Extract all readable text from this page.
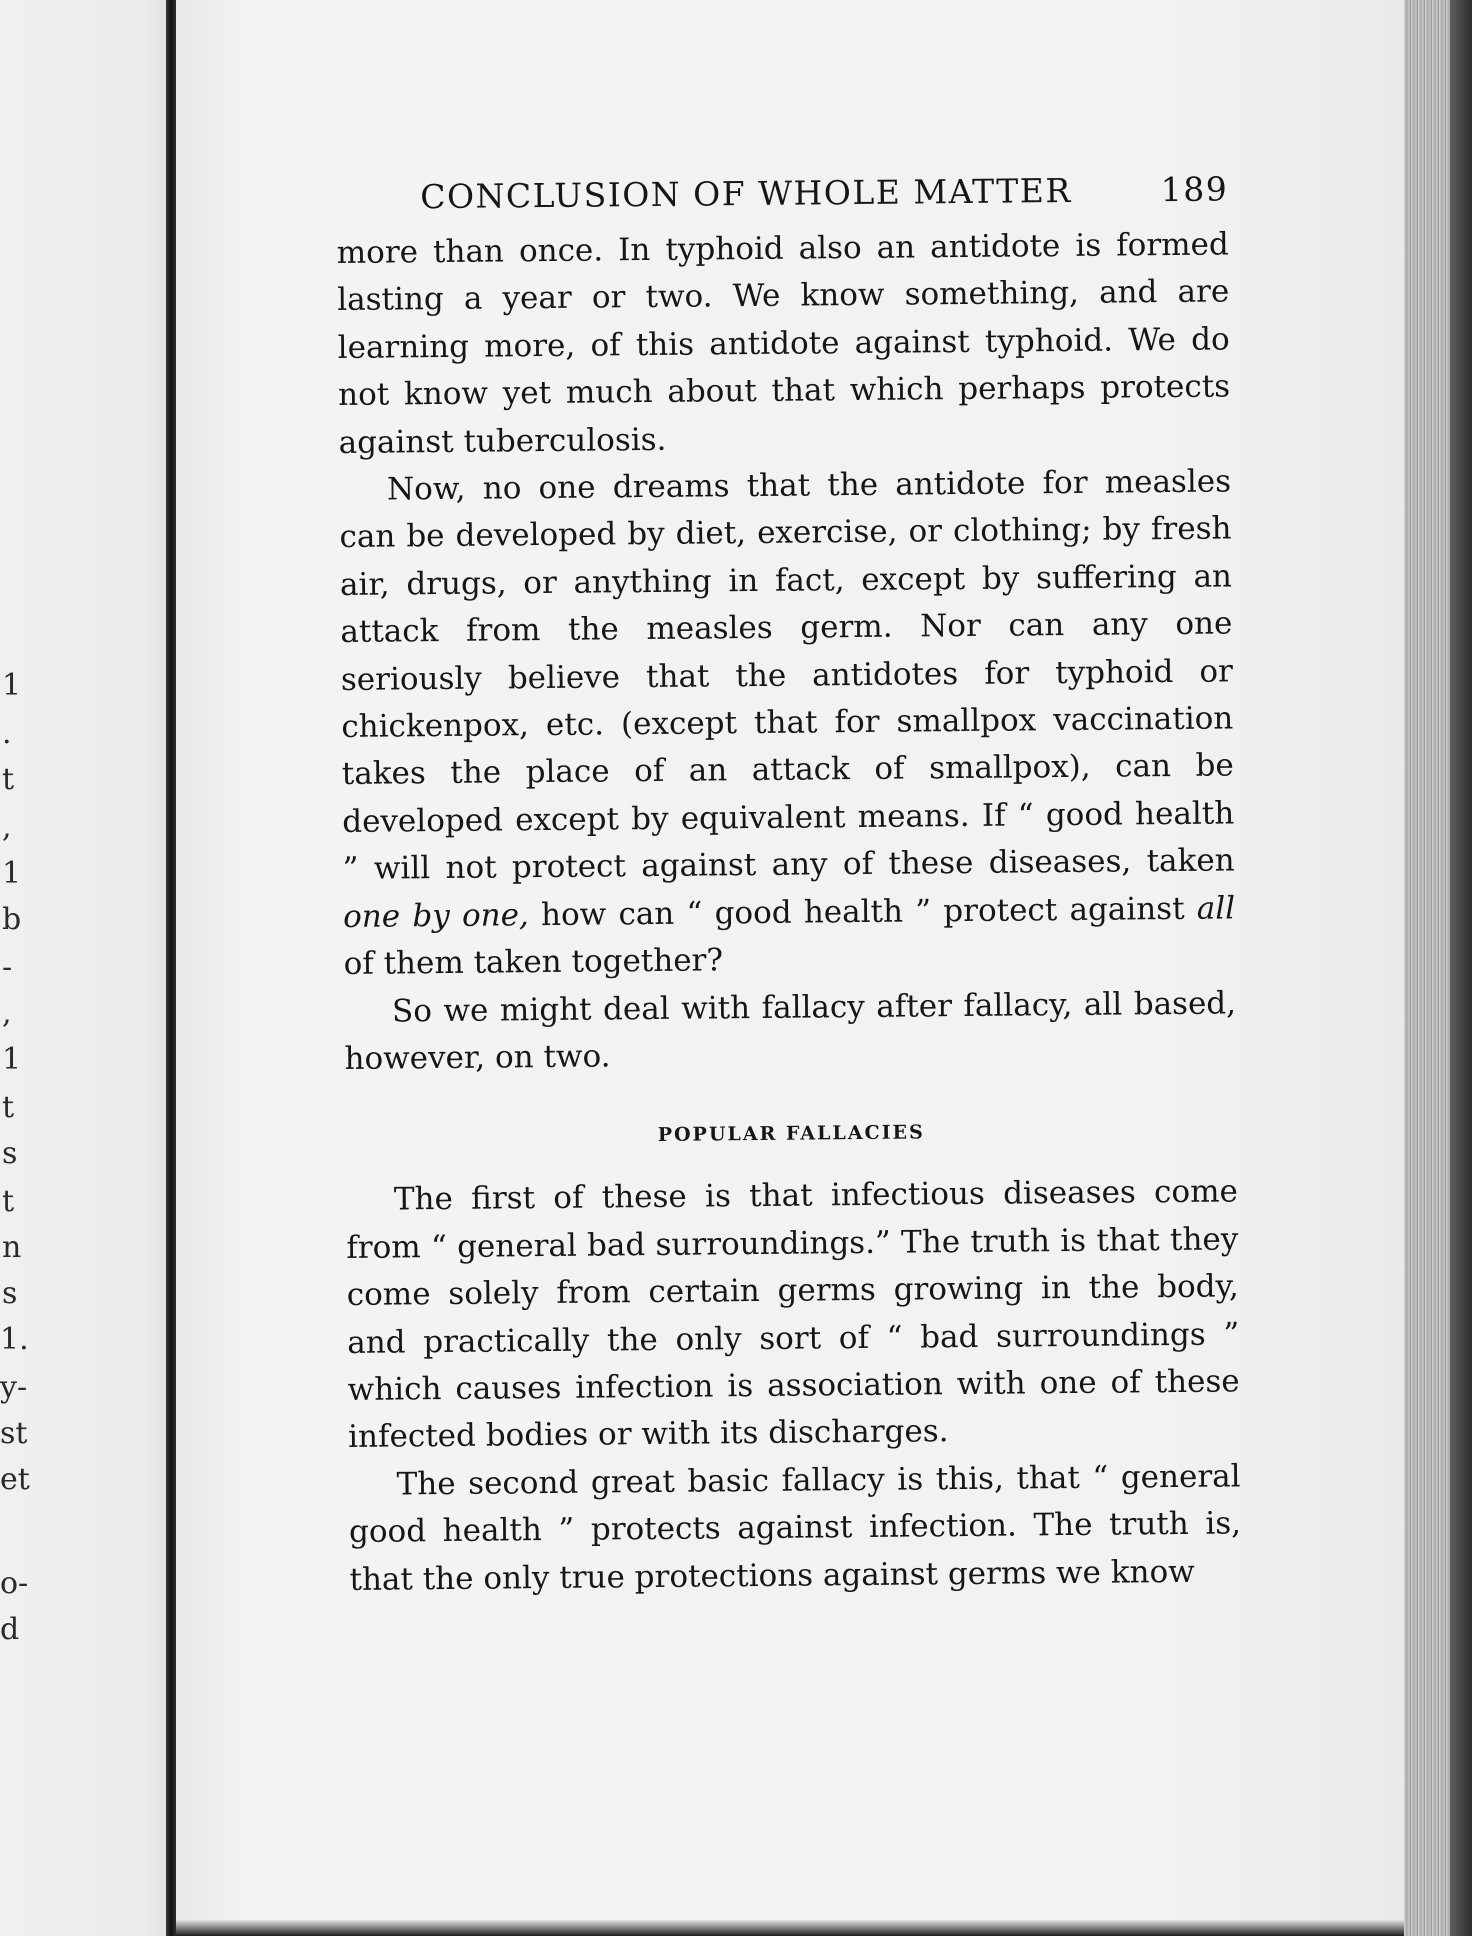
1
.
t
,
1
b
-
,
1
t
s
t
n
s
1.
y-
st
et
o-
d
CONCLUSION OF WHOLE MATTER	189

more than once. In typhoid also an antidote is formed lasting a year or two. We know something, and are learning more, of this antidote against typhoid. We do not know yet much about that which perhaps protects against tuberculosis.

Now, no one dreams that the antidote for measles can be developed by diet, exercise, or clothing; by fresh air, drugs, or anything in fact, except by suffering an attack from the measles germ. Nor can any one seriously believe that the antidotes for typhoid or chickenpox, etc. (except that for smallpox vaccination takes the place of an attack of smallpox), can be developed except by equivalent means. If “ good health ” will not protect against any of these diseases, taken one by one, how can “ good health ” protect against all of them taken together?

So we might deal with fallacy after fallacy, all based, however, on two.

POPULAR FALLACIES

The first of these is that infectious diseases come from “ general bad surroundings.” The truth is that they come solely from certain germs growing in the body, and practically the only sort of “ bad surroundings ” which causes infection is association with one of these infected bodies or with its discharges.

The second great basic fallacy is this, that “ general good health ” protects against infection. The truth is, that the only true protections against germs we know
